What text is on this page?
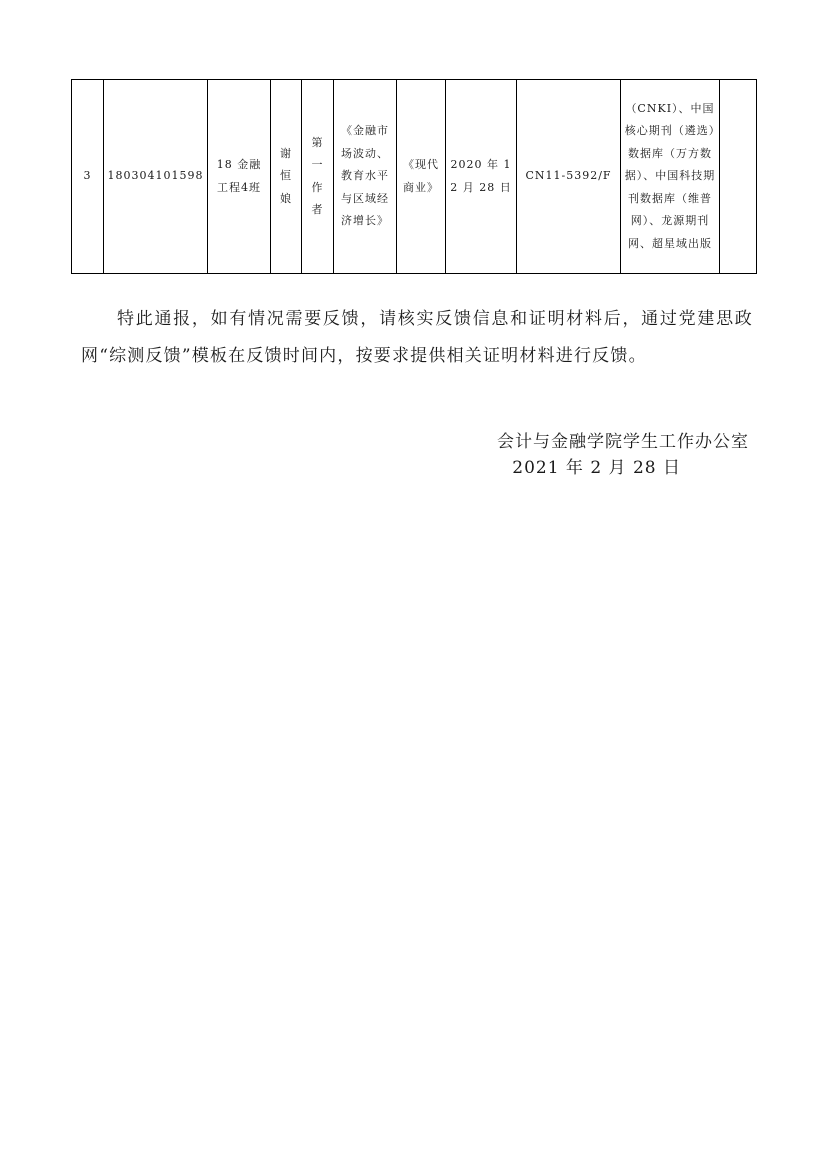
3	180304101598	18 金融工程4班	谢恒娘	第一作者	《金融市场波动、教育水平与区域经济增长》	《现代商业》	2020 年 12 月 28 日	CN11-5392/F	（CNKI）、中国核心期刊（遴选）数据库（万方数据）、中国科技期刊数据库（维普网）、龙源期刊网、超星域出版	

特此通报，如有情况需要反馈，请核实反馈信息和证明材料后，通过党建思政网“综测反馈”模板在反馈时间内，按要求提供相关证明材料进行反馈。

会计与金融学院学生工作办公室

2021 年 2 月 28 日
